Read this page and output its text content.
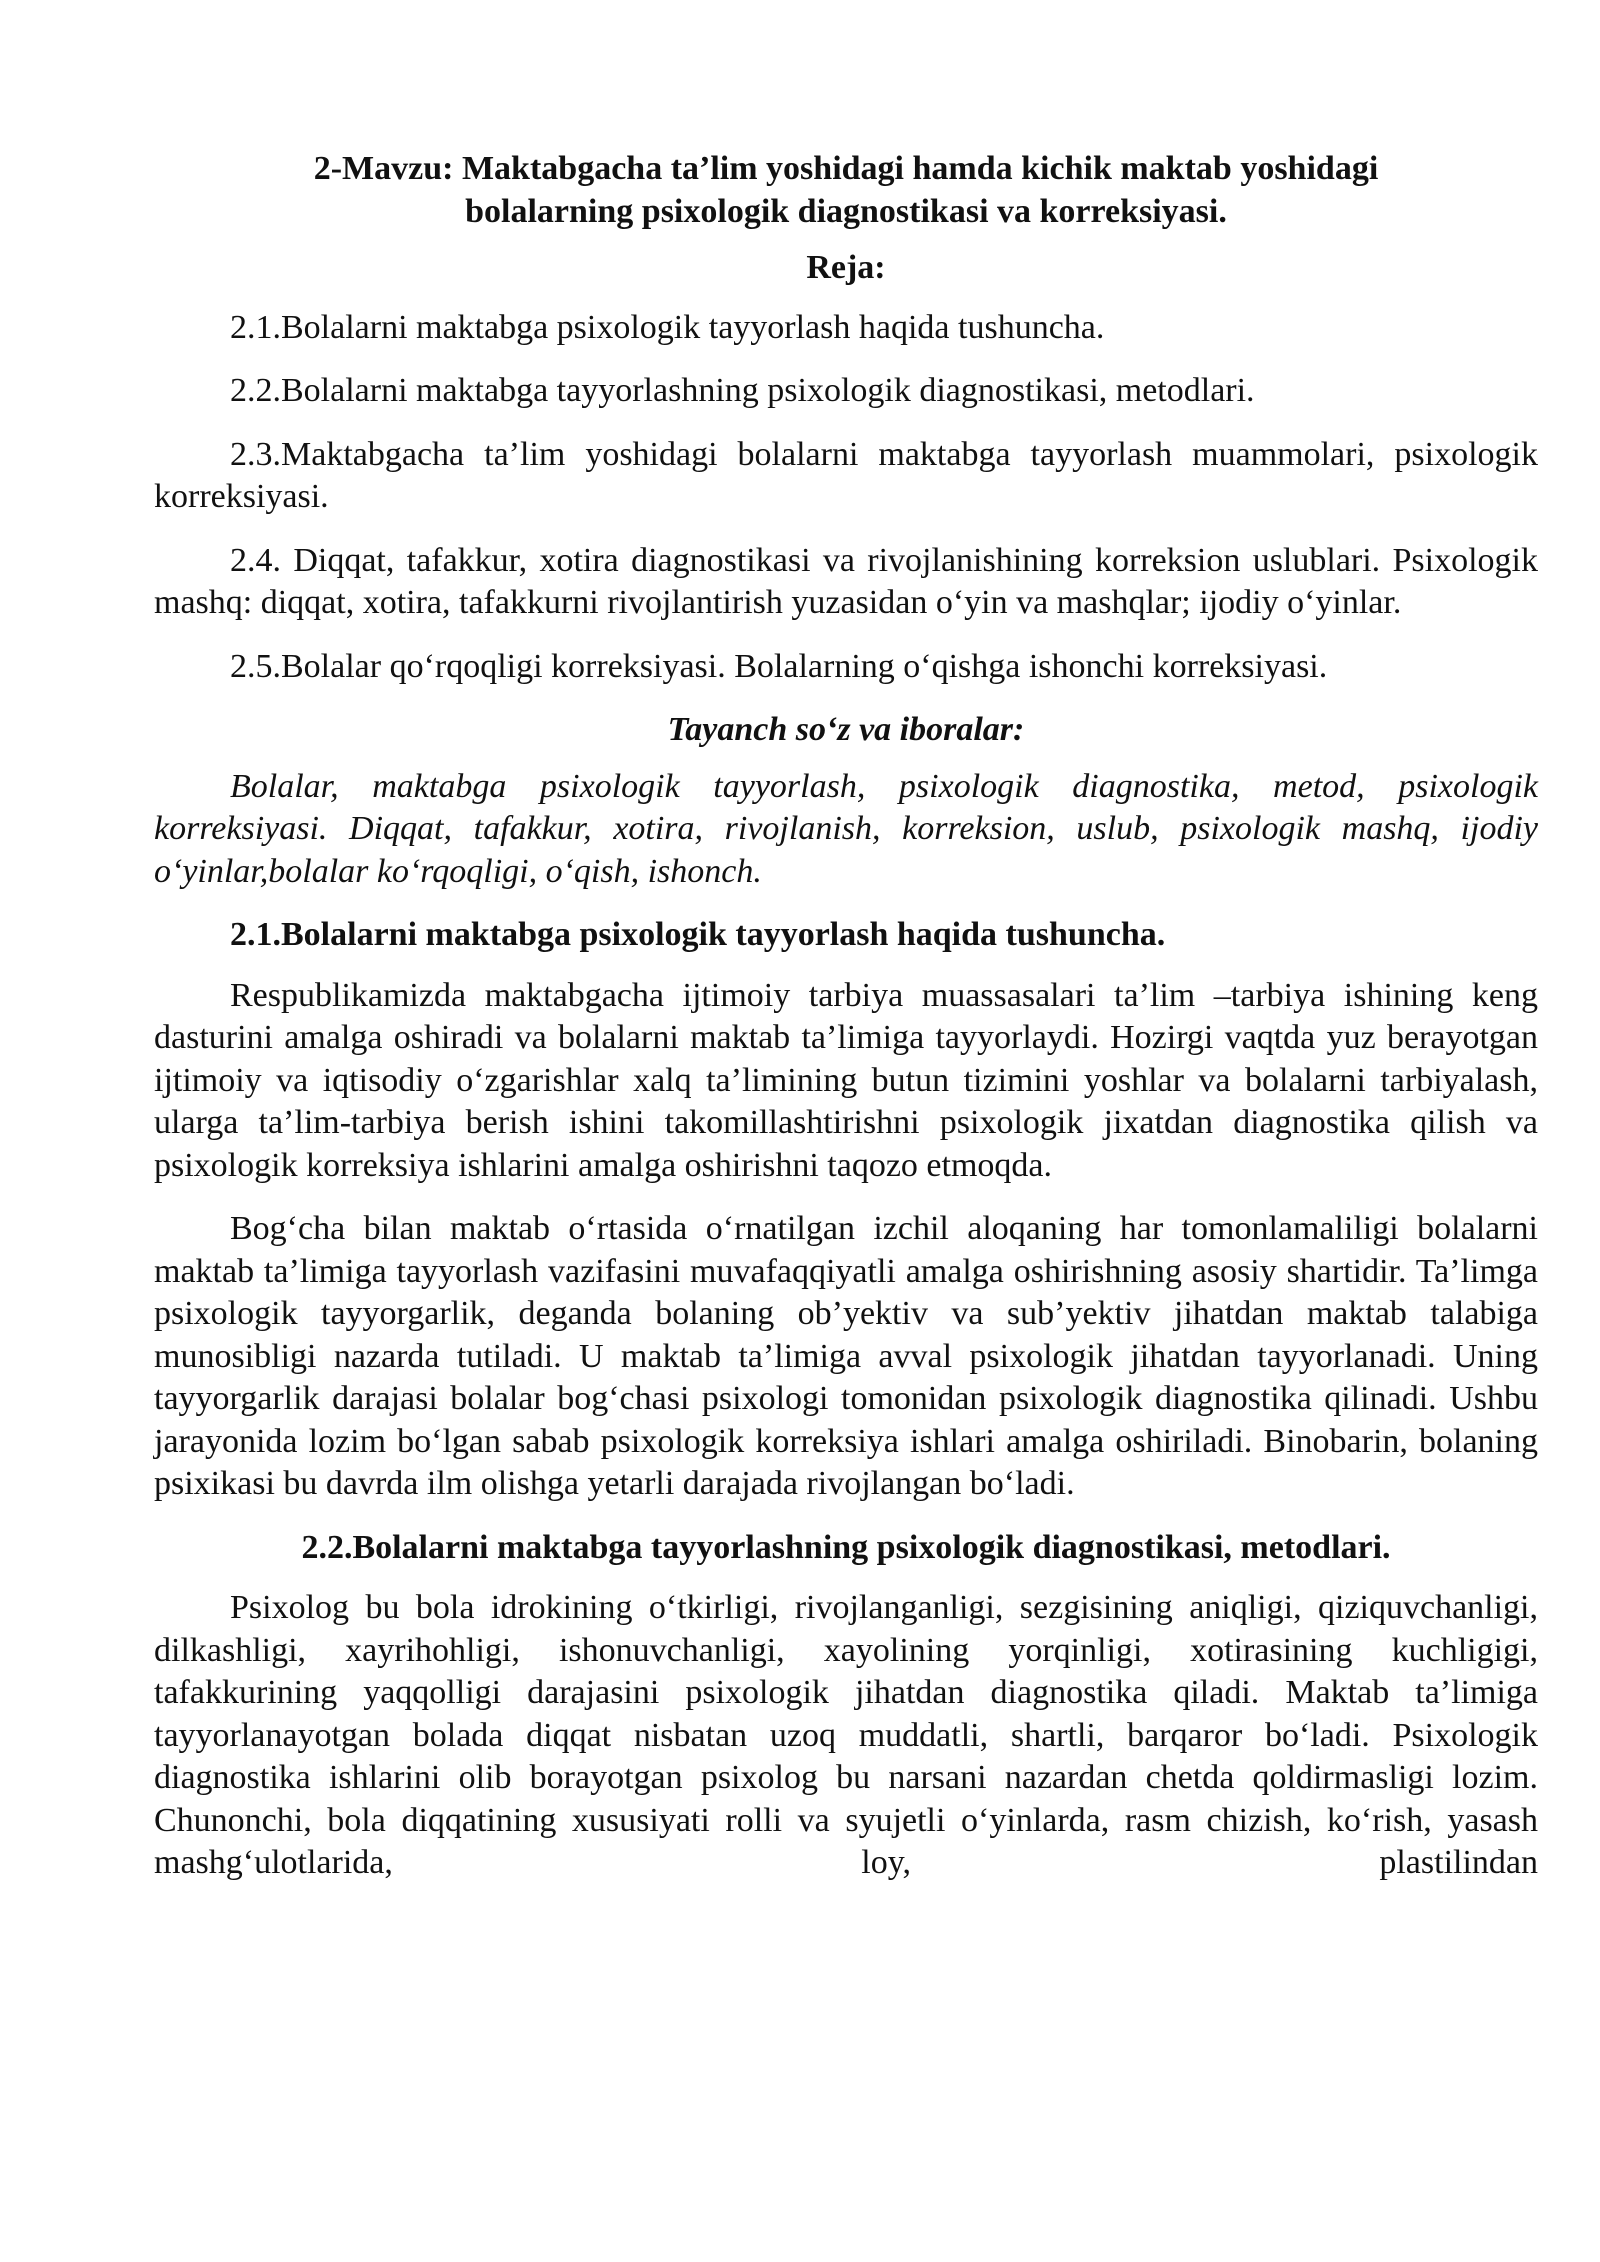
2-Mavzu: Maktabgacha ta’lim yoshidagi hamda kichik maktab yoshidagi
bolalarning psixologik diagnostikasi va korreksiyasi.
Reja:

2.1.Bolalarni maktabga psixologik tayyorlash haqida tushuncha.

2.2.Bolalarni maktabga tayyorlashning psixologik diagnostikasi, metodlari.

2.3.Maktabgacha ta’lim yoshidagi bolalarni maktabga tayyorlash muammolari, psixologik korreksiyasi.

2.4. Diqqat, tafakkur, xotira diagnostikasi va rivojlanishining korreksion uslublari. Psixologik mashq: diqqat, xotira, tafakkurni rivojlantirish yuzasidan o‘yin va mashqlar; ijodiy o‘yinlar.

2.5.Bolalar qo‘rqoqligi korreksiyasi. Bolalarning o‘qishga ishonchi korreksiyasi.

Tayanch so‘z va iboralar:

Bolalar, maktabga psixologik tayyorlash, psixologik diagnostika, metod, psixologik korreksiyasi. Diqqat, tafakkur, xotira, rivojlanish, korreksion, uslub, psixologik mashq, ijodiy o‘yinlar,bolalar ko‘rqoqligi, o‘qish, ishonch.

2.1.Bolalarni maktabga psixologik tayyorlash haqida tushuncha.

Respublikamizda maktabgacha ijtimoiy tarbiya muassasalari ta’lim –tarbiya ishining keng dasturini amalga oshiradi va bolalarni maktab ta’limiga tayyorlaydi. Hozirgi vaqtda yuz berayotgan ijtimoiy va iqtisodiy o‘zgarishlar xalq ta’limining butun tizimini yoshlar va bolalarni tarbiyalash, ularga ta’lim-tarbiya berish ishini takomillashtirishni psixologik jixatdan diagnostika qilish va psixologik korreksiya ishlarini amalga oshirishni taqozo etmoqda.

Bog‘cha bilan maktab o‘rtasida o‘rnatilgan izchil aloqaning har tomonlamaliligi bolalarni maktab ta’limiga tayyorlash vazifasini muvafaqqiyatli amalga oshirishning asosiy shartidir. Ta’limga psixologik tayyorgarlik, deganda bolaning ob’yektiv va sub’yektiv jihatdan maktab talabiga munosibligi nazarda tutiladi. U maktab ta’limiga avval psixologik jihatdan tayyorlanadi. Uning tayyorgarlik darajasi bolalar bog‘chasi psixologi tomonidan psixologik diagnostika qilinadi. Ushbu jarayonida lozim bo‘lgan sabab psixologik korreksiya ishlari amalga oshiriladi. Binobarin, bolaning psixikasi bu davrda ilm olishga yetarli darajada rivojlangan bo‘ladi.

2.2.Bolalarni maktabga tayyorlashning psixologik diagnostikasi, metodlari.

Psixolog bu bola idrokining o‘tkirligi, rivojlanganligi, sezgisining aniqligi, qiziquvchanligi, dilkashligi, xayrihohligi, ishonuvchanligi, xayolining yorqinligi, xotirasining kuchligigi, tafakkurining yaqqolligi darajasini psixologik jihatdan diagnostika qiladi. Maktab ta’limiga tayyorlanayotgan bolada diqqat nisbatan uzoq muddatli, shartli, barqaror bo‘ladi. Psixologik diagnostika ishlarini olib borayotgan psixolog bu narsani nazardan chetda qoldirmasligi lozim. Chunonchi, bola diqqatining xususiyati rolli va syujetli o‘yinlarda, rasm chizish, ko‘rish, yasash mashg‘ulotlarida, loy, plastilindan
